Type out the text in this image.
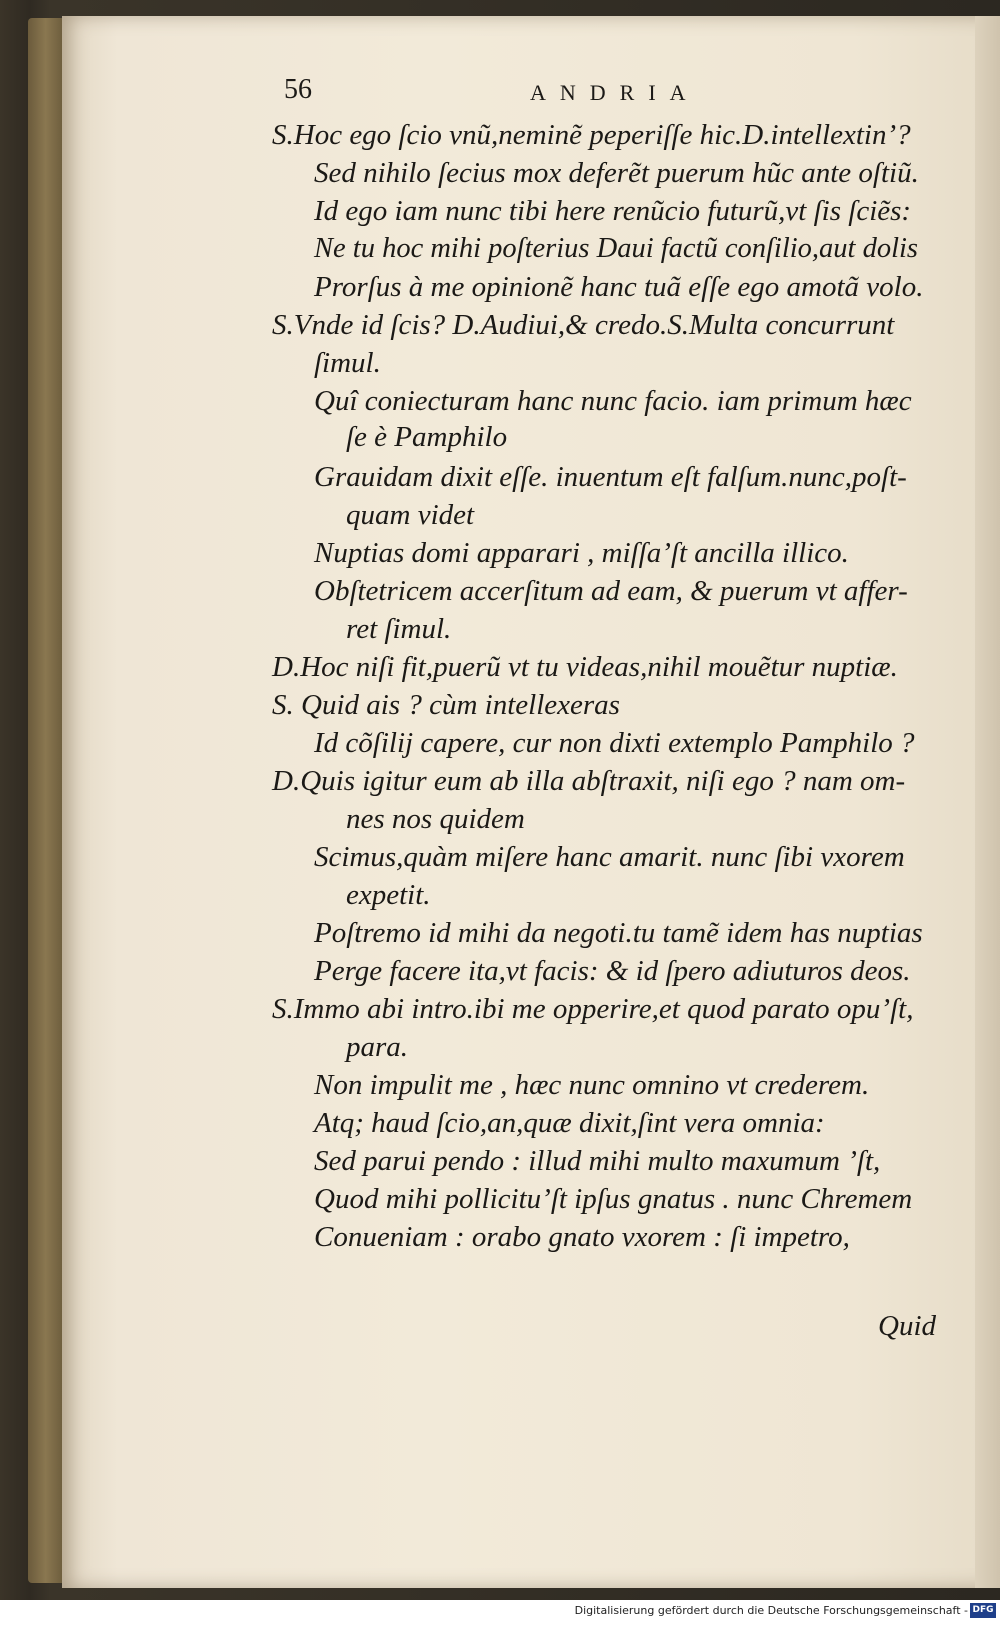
56	ANDRIA
S.Hoc ego ſcio vnũ,neminẽ peperiſſe hic.D.intellextin’?
Sed nihilo ſecius mox deferẽt puerum hũc ante oſtiũ.
Id ego iam nunc tibi here renũcio futurũ,vt ſis ſciẽs:
Ne tu hoc mihi poſterius Daui factũ conſilio,aut dolis
Prorſus à me opinionẽ hanc tuã eſſe ego amotã volo.
S.Vnde id ſcis? D.Audiui,& credo.S.Multa concurrunt
ſimul.
Quî coniecturam hanc nunc facio. iam primum hæc
ſe è Pamphilo
Grauidam dixit eſſe. inuentum eſt falſum.nunc,poſt-
quam videt
Nuptias domi apparari , miſſa’ſt ancilla illico.
Obſtetricem accerſitum ad eam, & puerum vt affer-
ret ſimul.
D.Hoc niſi fit,puerũ vt tu videas,nihil mouẽtur nuptiæ.
S. Quid ais ? cùm intellexeras
Id cõſilij capere, cur non dixti extemplo Pamphilo ?
D.Quis igitur eum ab illa abſtraxit, niſi ego ? nam om-
nes nos quidem
Scimus,quàm miſere hanc amarit. nunc ſibi vxorem
expetit.
Poſtremo id mihi da negoti.tu tamẽ idem has nuptias
Perge facere ita,vt facis: & id ſpero adiuturos deos.
S.Immo abi intro.ibi me opperire,et quod parato opu’ſt,
para.
Non impulit me , hæc nunc omnino vt crederem.
Atq; haud ſcio,an,quæ dixit,ſint vera omnia:
Sed parui pendo : illud mihi multo maxumum ’ſt,
Quod mihi pollicitu’ſt ipſus gnatus . nunc Chremem
Conueniam : orabo gnato vxorem : ſi impetro,
Quid
Digitalisierung gefördert durch die Deutsche Forschungsgemeinschaft - DFG
